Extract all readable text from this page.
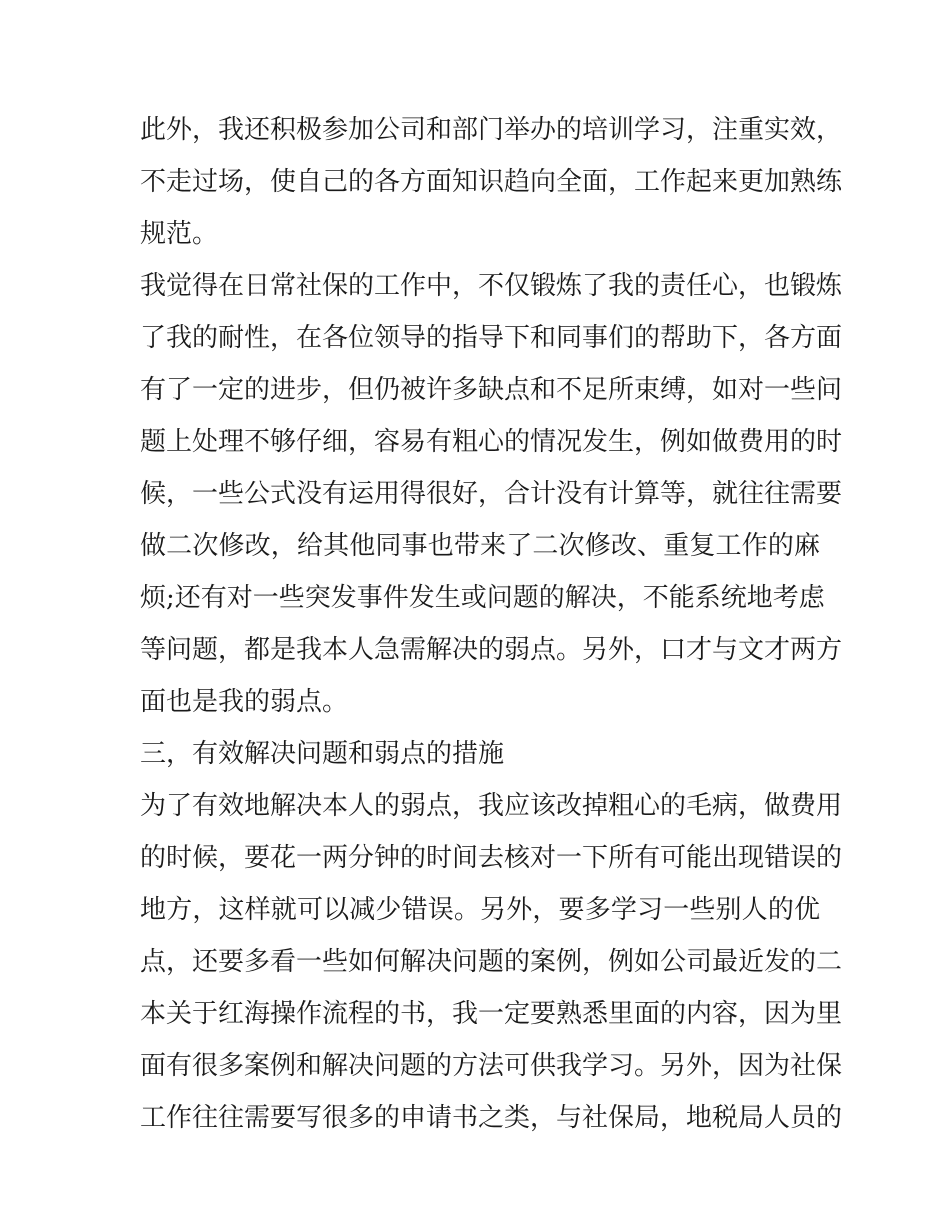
此外，我还积极参加公司和部门举办的培训学习，注重实效，
不走过场，使自己的各方面知识趋向全面，工作起来更加熟练
规范。
我觉得在日常社保的工作中，不仅锻炼了我的责任心，也锻炼
了我的耐性，在各位领导的指导下和同事们的帮助下，各方面
有了一定的进步，但仍被许多缺点和不足所束缚，如对一些问
题上处理不够仔细，容易有粗心的情况发生，例如做费用的时
候，一些公式没有运用得很好，合计没有计算等，就往往需要
做二次修改，给其他同事也带来了二次修改、重复工作的麻
烦;还有对一些突发事件发生或问题的解决，不能系统地考虑
等问题，都是我本人急需解决的弱点。另外，口才与文才两方
面也是我的弱点。
三，有效解决问题和弱点的措施
为了有效地解决本人的弱点，我应该改掉粗心的毛病，做费用
的时候，要花一两分钟的时间去核对一下所有可能出现错误的
地方，这样就可以减少错误。另外，要多学习一些别人的优
点，还要多看一些如何解决问题的案例，例如公司最近发的二
本关于红海操作流程的书，我一定要熟悉里面的内容，因为里
面有很多案例和解决问题的方法可供我学习。另外，因为社保
工作往往需要写很多的申请书之类，与社保局，地税局人员的
